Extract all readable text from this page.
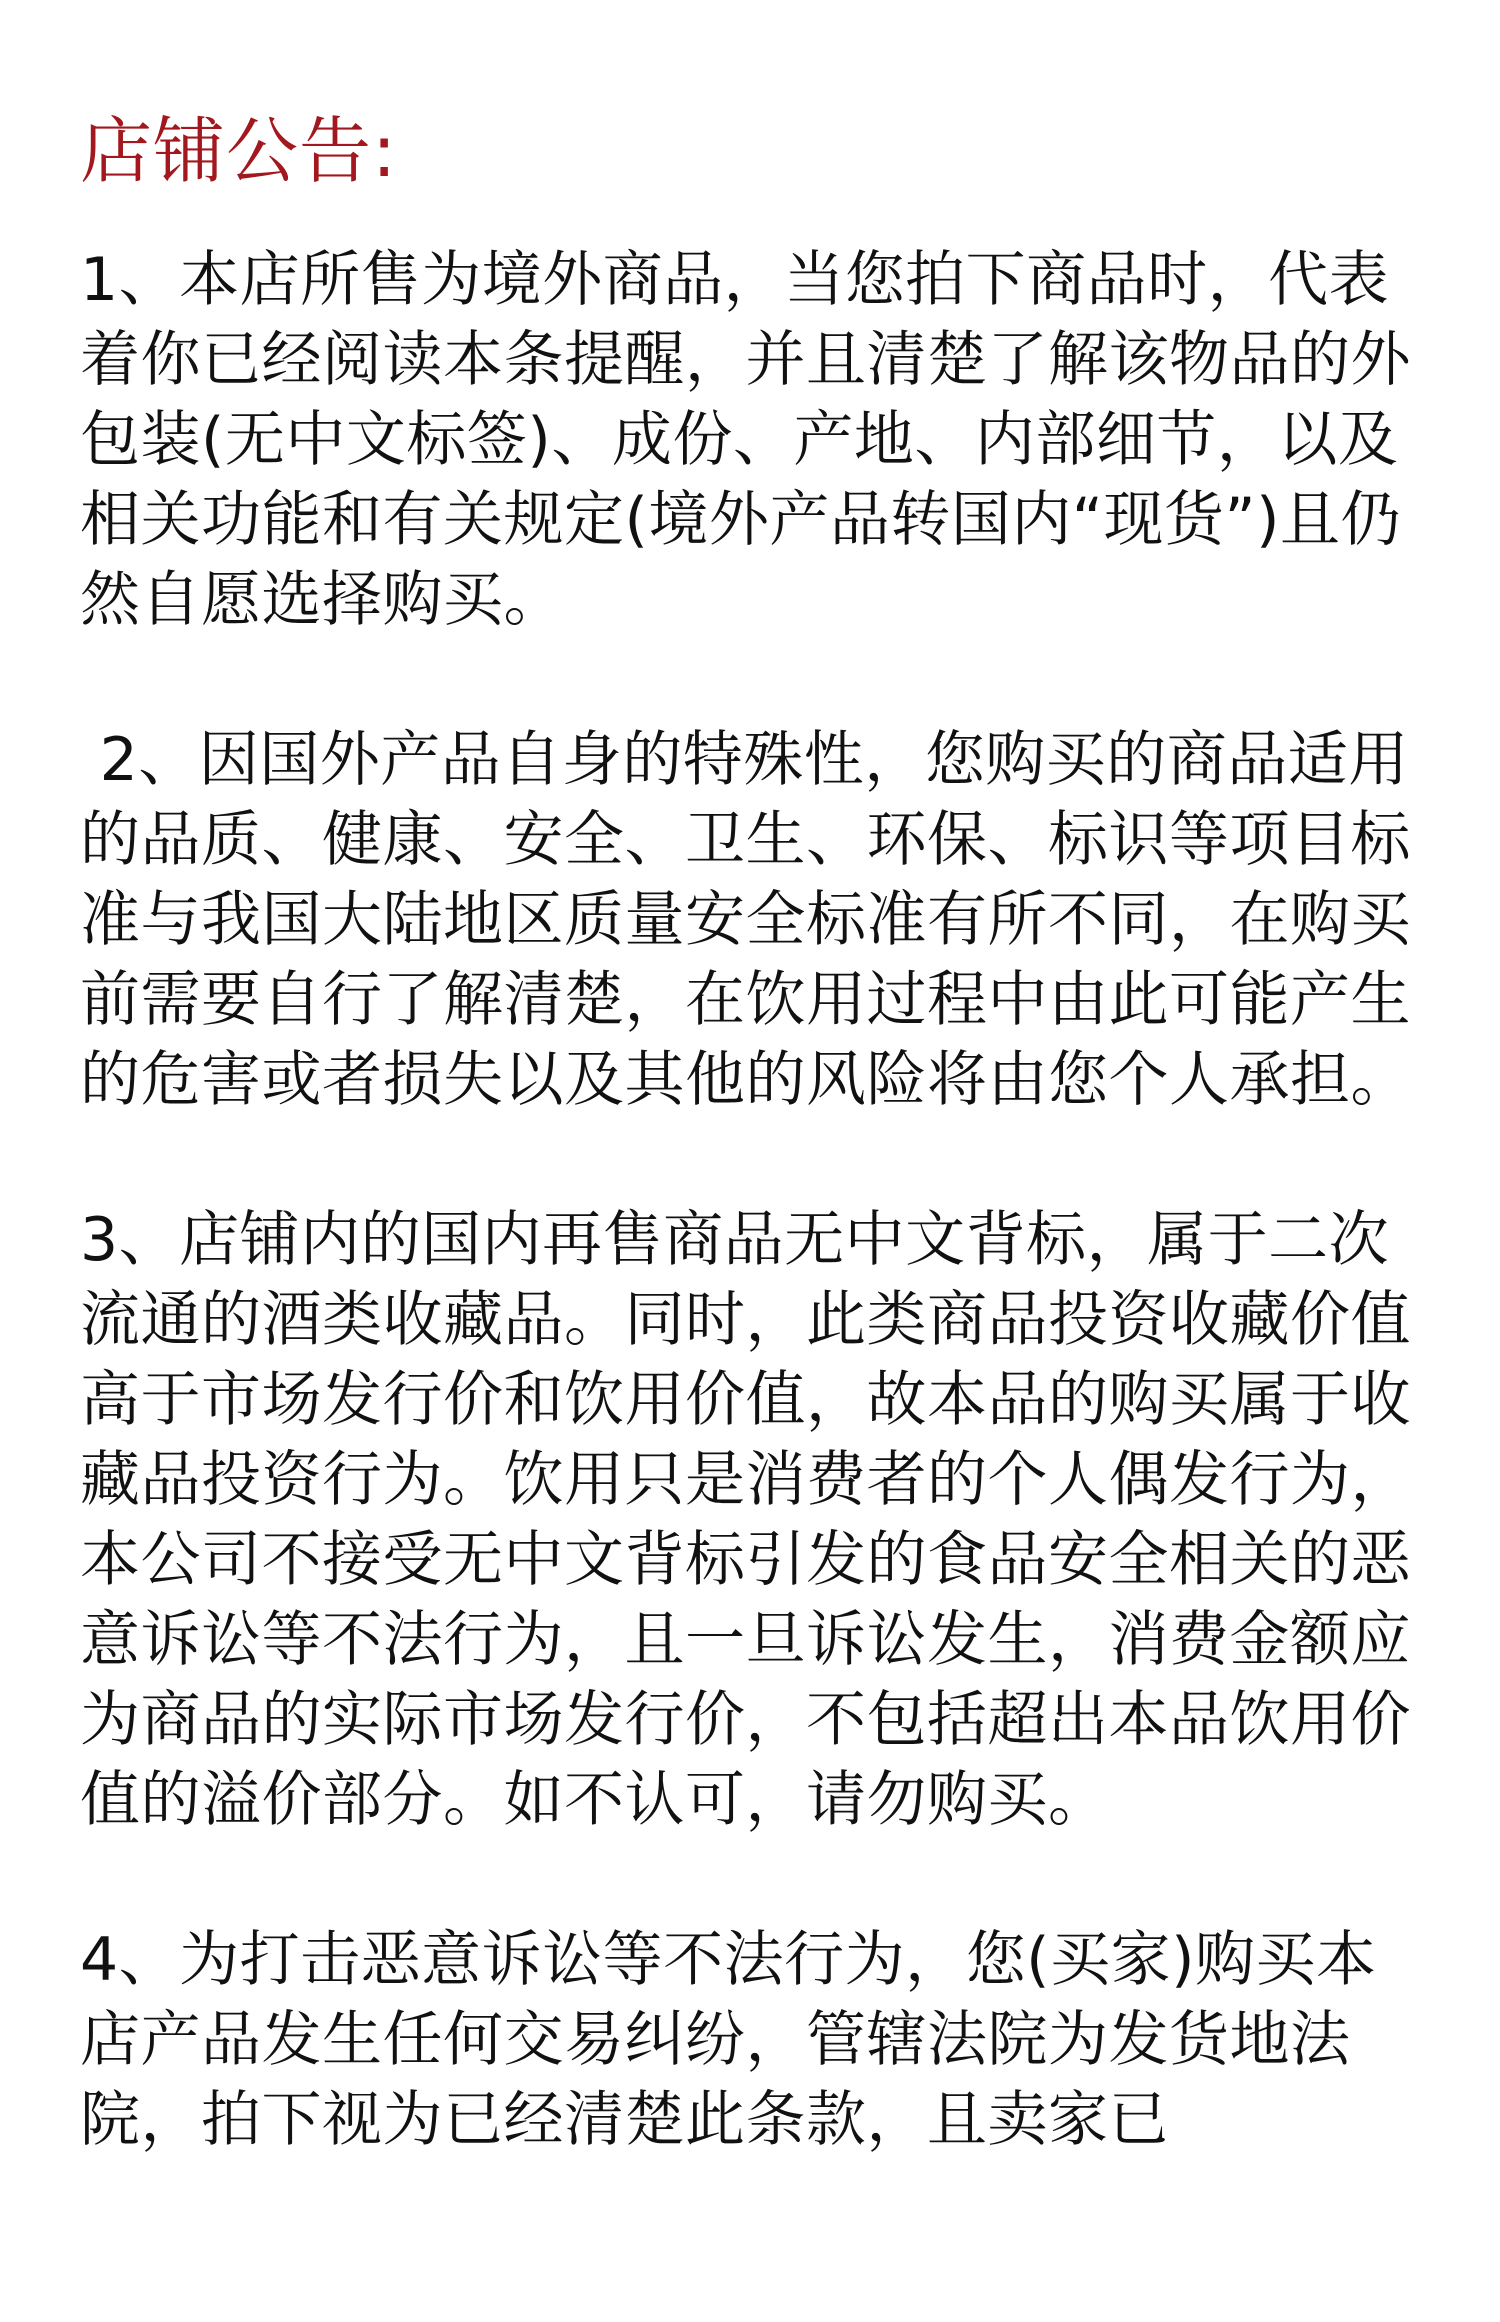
店铺公告:

1、本店所售为境外商品，当您拍下商品时，代表着你已经阅读本条提醒，并且清楚了解该物品的外包装(无中文标签)、成份、产地、内部细节，以及相关功能和有关规定(境外产品转国内“现货”)且仍然自愿选择购买。

2、因国外产品自身的特殊性，您购买的商品适用的品质、健康、安全、卫生、环保、标识等项目标准与我国大陆地区质量安全标准有所不同，在购买前需要自行了解清楚，在饮用过程中由此可能产生的危害或者损失以及其他的风险将由您个人承担。

3、店铺内的国内再售商品无中文背标，属于二次流通的酒类收藏品。同时，此类商品投资收藏价值高于市场发行价和饮用价值，故本品的购买属于收藏品投资行为。饮用只是消费者的个人偶发行为，本公司不接受无中文背标引发的食品安全相关的恶意诉讼等不法行为，且一旦诉讼发生，消费金额应为商品的实际市场发行价，不包括超出本品饮用价值的溢价部分。如不认可，请勿购买。

4、为打击恶意诉讼等不法行为，您(买家)购买本店产品发生任何交易纠纷，管辖法院为发货地法院，拍下视为已经清楚此条款，且卖家已
